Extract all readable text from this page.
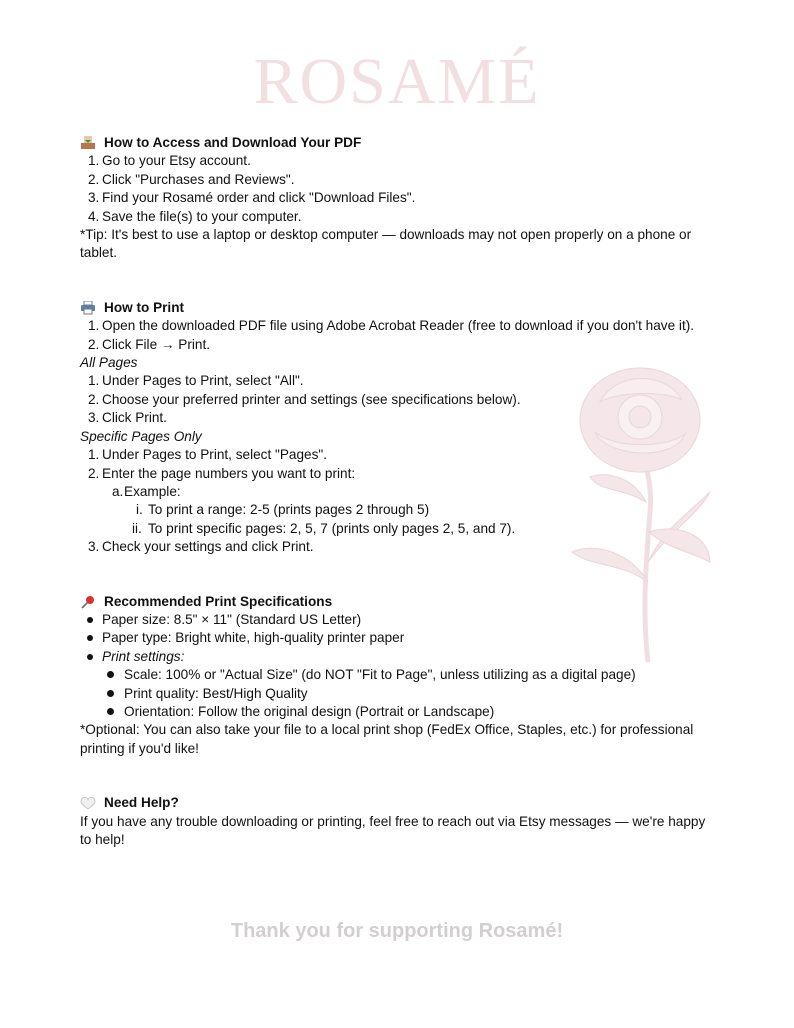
ROSAMÉ
How to Access and Download Your PDF
1. Go to your Etsy account.
2. Click "Purchases and Reviews".
3. Find your Rosamé order and click "Download Files".
4. Save the file(s) to your computer.
*Tip: It's best to use a laptop or desktop computer — downloads may not open properly on a phone or tablet.
How to Print
1. Open the downloaded PDF file using Adobe Acrobat Reader (free to download if you don't have it).
2. Click File → Print.
All Pages
1. Under Pages to Print, select "All".
2. Choose your preferred printer and settings (see specifications below).
3. Click Print.
Specific Pages Only
1. Under Pages to Print, select "Pages".
2. Enter the page numbers you want to print:
a. Example:
i. To print a range: 2-5 (prints pages 2 through 5)
ii. To print specific pages: 2, 5, 7 (prints only pages 2, 5, and 7).
3. Check your settings and click Print.
Recommended Print Specifications
Paper size: 8.5" × 11" (Standard US Letter)
Paper type: Bright white, high-quality printer paper
Print settings:
Scale: 100% or "Actual Size" (do NOT "Fit to Page", unless utilizing as a digital page)
Print quality: Best/High Quality
Orientation: Follow the original design (Portrait or Landscape)
*Optional: You can also take your file to a local print shop (FedEx Office, Staples, etc.) for professional printing if you'd like!
Need Help?
If you have any trouble downloading or printing, feel free to reach out via Etsy messages — we're happy to help!
Thank you for supporting Rosamé!
